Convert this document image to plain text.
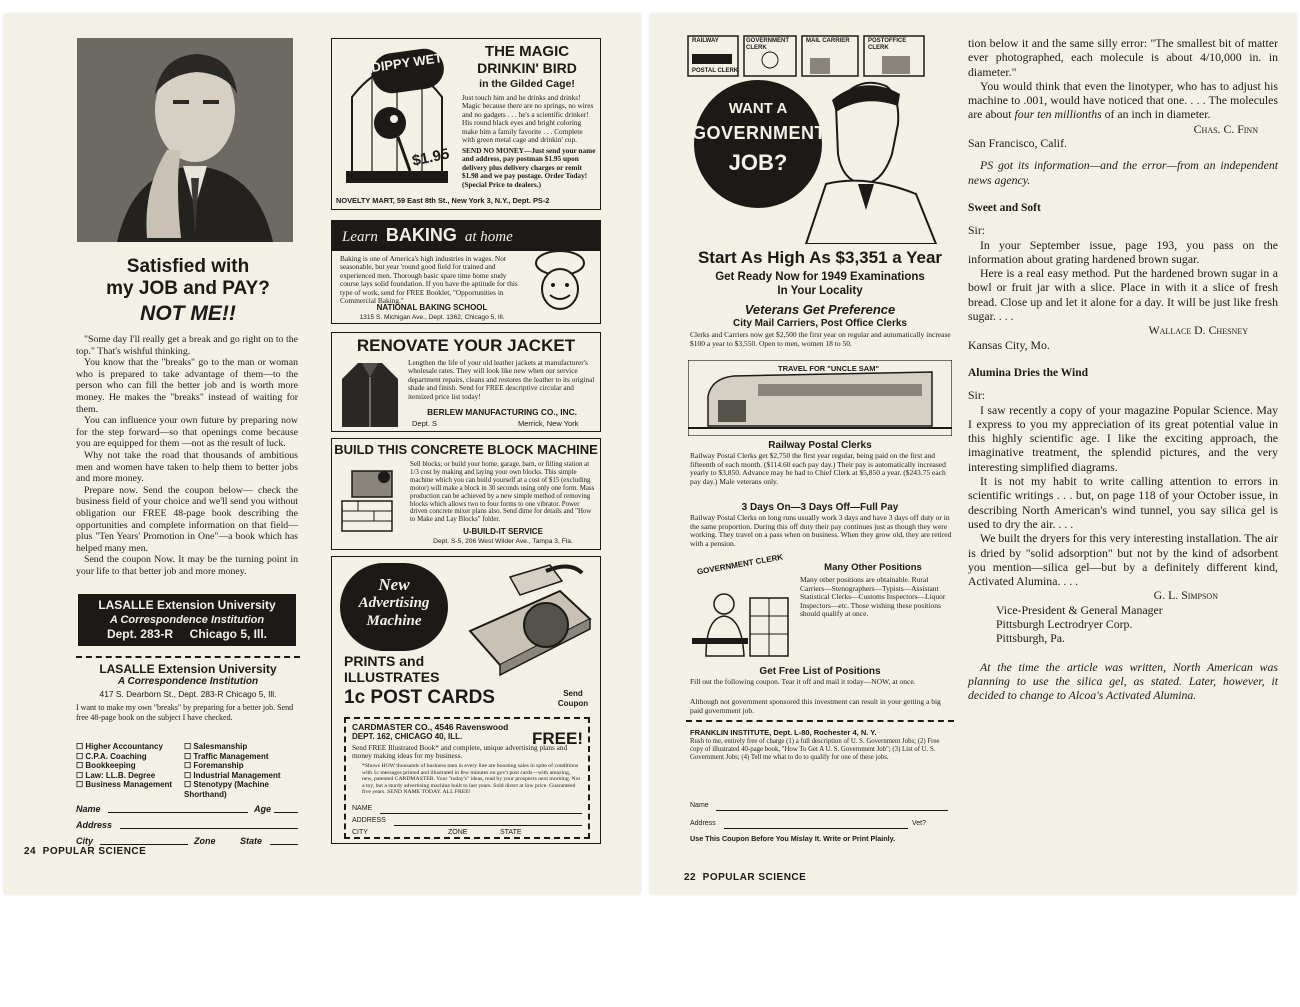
Satisfied with
my JOB and PAY?
NOT ME!!
"Some day I'll really get a break and go right on to the top." That's wishful thinking.
You know that the "breaks" go to the man or woman who is prepared to take advantage of them—to the person who can fill the better job and is worth more money. He makes the "breaks" instead of waiting for them.
You can influence your own future by preparing now for the step forward—so that openings come because you are equipped for them —not as the result of luck.
Why not take the road that thousands of ambitious men and women have taken to help them to better jobs and more money.
Prepare now. Send the coupon below— check the business field of your choice and we'll send you without obligation our FREE 48-page book describing the opportunities and complete information on that field—plus "Ten Years' Promotion in One"—a book which has helped many men.
Send the coupon Now. It may be the turning point in your life to that better job and more money.
LASALLE Extension University
A Correspondence Institution
Dept. 283-R     Chicago 5, Ill.
LASALLE Extension University
A Correspondence Institution
417 S. Dearborn St., Dept. 283-R Chicago 5, Ill.
I want to make my own "breaks" by preparing for a better job. Send free 48-page book on the subject I have checked.
☐ Higher Accountancy
☐ C.P.A. Coaching
☐ Bookkeeping
☐ Law: LL.B. Degree
☐ Business Management
☐ Salesmanship
☐ Traffic Management
☐ Foremanship
☐ Industrial Management
☐ Stenotypy (Machine Shorthand)
Name	Age
Address
City	Zone	State
DIPPY WET
$1.95
THE MAGIC
DRINKIN' BIRD
in the Gilded Cage!
Just touch him and he drinks and drinks! Magic because there are no springs, no wires and no gadgets . . . he's a scientific drinker! His round black eyes and bright coloring make him a family favorite . . . Complete with green metal cage and drinkin' cup.
SEND NO MONEY—Just send your name and address, pay postman $1.95 upon delivery plus delivery charges or remit $1.98 and we pay postage. Order Today! (Special Price to dealers.)
NOVELTY MART, 59 East 8th St., New York 3, N.Y., Dept. PS-2
Learn BAKING at home
Baking is one of America's high industries in wages. Not seasonable, but year 'round good field for trained and experienced men. Thorough basic spare time home study course lays solid foundation. If you have the aptitude for this type of work, send for FREE Booklet, "Opportunities in Commercial Baking."
NATIONAL BAKING SCHOOL
1315 S. Michigan Ave., Dept. 1362, Chicago 5, Ill.
RENOVATE YOUR JACKET
Lengthen the life of your old leather jackets at manufacturer's wholesale rates. They will look like new when our service department repairs, cleans and restores the leather to its original shade and finish. Send for FREE descriptive circular and itemized price list today!
BERLEW MANUFACTURING CO., INC.
Dept. S	Merrick, New York
BUILD THIS CONCRETE BLOCK MACHINE
Sell blocks; or build your home, garage, barn, or filling station at 1/3 cost by making and laying your own blocks. This simple machine which you can build yourself at a cost of $15 (excluding motor) will make a block in 30 seconds using only one form. Mass production can be achieved by a new simple method of removing blocks which allows two to four forms to one vibrator. Power driven concrete mixer plans also. Send dime for details and "How to Make and Lay Blocks" folder.
U-BUILD-IT SERVICE
Dept. S-5, 206 West Wilder Ave., Tampa 3, Fla.
New
Advertising
Machine
PRINTS and
ILLUSTRATES
1c POST CARDS	Send
Coupon
CARDMASTER CO., 4546 Ravenswood
DEPT. 162, CHICAGO 40, ILL.	FREE!
Send FREE Illustrated Book* and complete, unique advertising plans and money making ideas for my business.
*Shows HOW thousands of business men in every line are boosting sales in spite of conditions with 1c messages printed and illustrated in few minutes on gov't post cards—with amazing, new, patented CARDMASTER. Your "today's" ideas, read by your prospects next morning. Not a toy, but a sturdy advertising machine built to last years. Sold direct at low price. Guaranteed five years. SEND NAME TODAY. ALL FREE!
NAME
ADDRESS
CITY	ZONE	STATE
24  POPULAR SCIENCE
RAILWAY	GOVERNMENT CLERK
MAIL CARRIER	POSTOFFICE CLERK
POSTAL CLERK
WANT A
GOVERNMENT
JOB?
Start As High As $3,351 a Year
Get Ready Now for 1949 Examinations
In Your Locality
Veterans Get Preference
City Mail Carriers, Post Office Clerks
Clerks and Carriers now get $2,500 the first year on regular and automatically increase $100 a year to $3,550. Open to men, women 18 to 50.
TRAVEL FOR "UNCLE SAM"
Railway Postal Clerks
Railway Postal Clerks get $2,750 the first year regular, being paid on the first and fifteenth of each month. ($114.60 each pay day.) Their pay is automatically increased yearly to $3,850. Advance may be had to Chief Clerk at $5,850 a year. ($243.75 each pay day.) Male veterans only.
3 Days On—3 Days Off—Full Pay
Railway Postal Clerks on long runs usually work 3 days and have 3 days off duty or in the same proportion. During this off duty their pay continues just as though they were working. They travel on a pass when on business. When they grow old, they are retired with a pension.
GOVERNMENT CLERK	Many Other Positions
Many other positions are obtainable. Rural Carriers—Stenographers—Typists—Assistant Statistical Clerks—Customs Inspectors—Liquor Inspectors—etc. Those wishing these positions should qualify at once.
Get Free List of Positions
Fill out the following coupon. Tear it off and mail it today—NOW, at once.
Although not government sponsored this investment can result in your getting a big paid government job.
FRANKLIN INSTITUTE, Dept. L-80, Rochester 4, N. Y.
Rush to me, entirely free of charge (1) a full description of U. S. Government Jobs; (2) Free copy of illustrated 40-page book, "How To Get A U. S. Government Job"; (3) List of U. S. Government Jobs; (4) Tell me what to do to qualify for one of these jobs.
Name
Address	Vet?
Use This Coupon Before You Mislay It. Write or Print Plainly.
tion below it and the same silly error: "The smallest bit of matter ever photographed, each molecule is about 4/10,000 in. in diameter."
You would think that even the linotyper, who has to adjust his machine to .001, would have noticed that one. . . . The molecules are about four ten millionths of an inch in diameter.
Chas. C. Finn
San Francisco, Calif.
PS got its information—and the error—from an independent news agency.
Sweet and Soft
Sir:
In your September issue, page 193, you pass on the information about grating hardened brown sugar.
Here is a real easy method. Put the hardened brown sugar in a bowl or fruit jar with a slice. Place in with it a slice of fresh bread. Close up and let it alone for a day. It will be just like fresh sugar. . . .
Wallace D. Chesney
Kansas City, Mo.
Alumina Dries the Wind
Sir:
I saw recently a copy of your magazine Popular Science. May I express to you my appreciation of its great potential value in this highly scientific age. I like the exciting approach, the imaginative treatment, the splendid pictures, and the very interesting simplified diagrams.
It is not my habit to write calling attention to errors in scientific writings . . . but, on page 118 of your October issue, in describing North American's wind tunnel, you say silica gel is used to dry the air. . . .
We built the dryers for this very interesting installation. The air is dried by "solid adsorption" but not by the kind of adsorbent you mention—silica gel—but by a definitely different kind, Activated Alumina. . . .
G. L. Simpson
Vice-President & General Manager
Pittsburgh Lectrodryer Corp.
Pittsburgh, Pa.
At the time the article was written, North American was planning to use the silica gel, as stated. Later, however, it decided to change to Alcoa's Activated Alumina.
22  POPULAR SCIENCE
